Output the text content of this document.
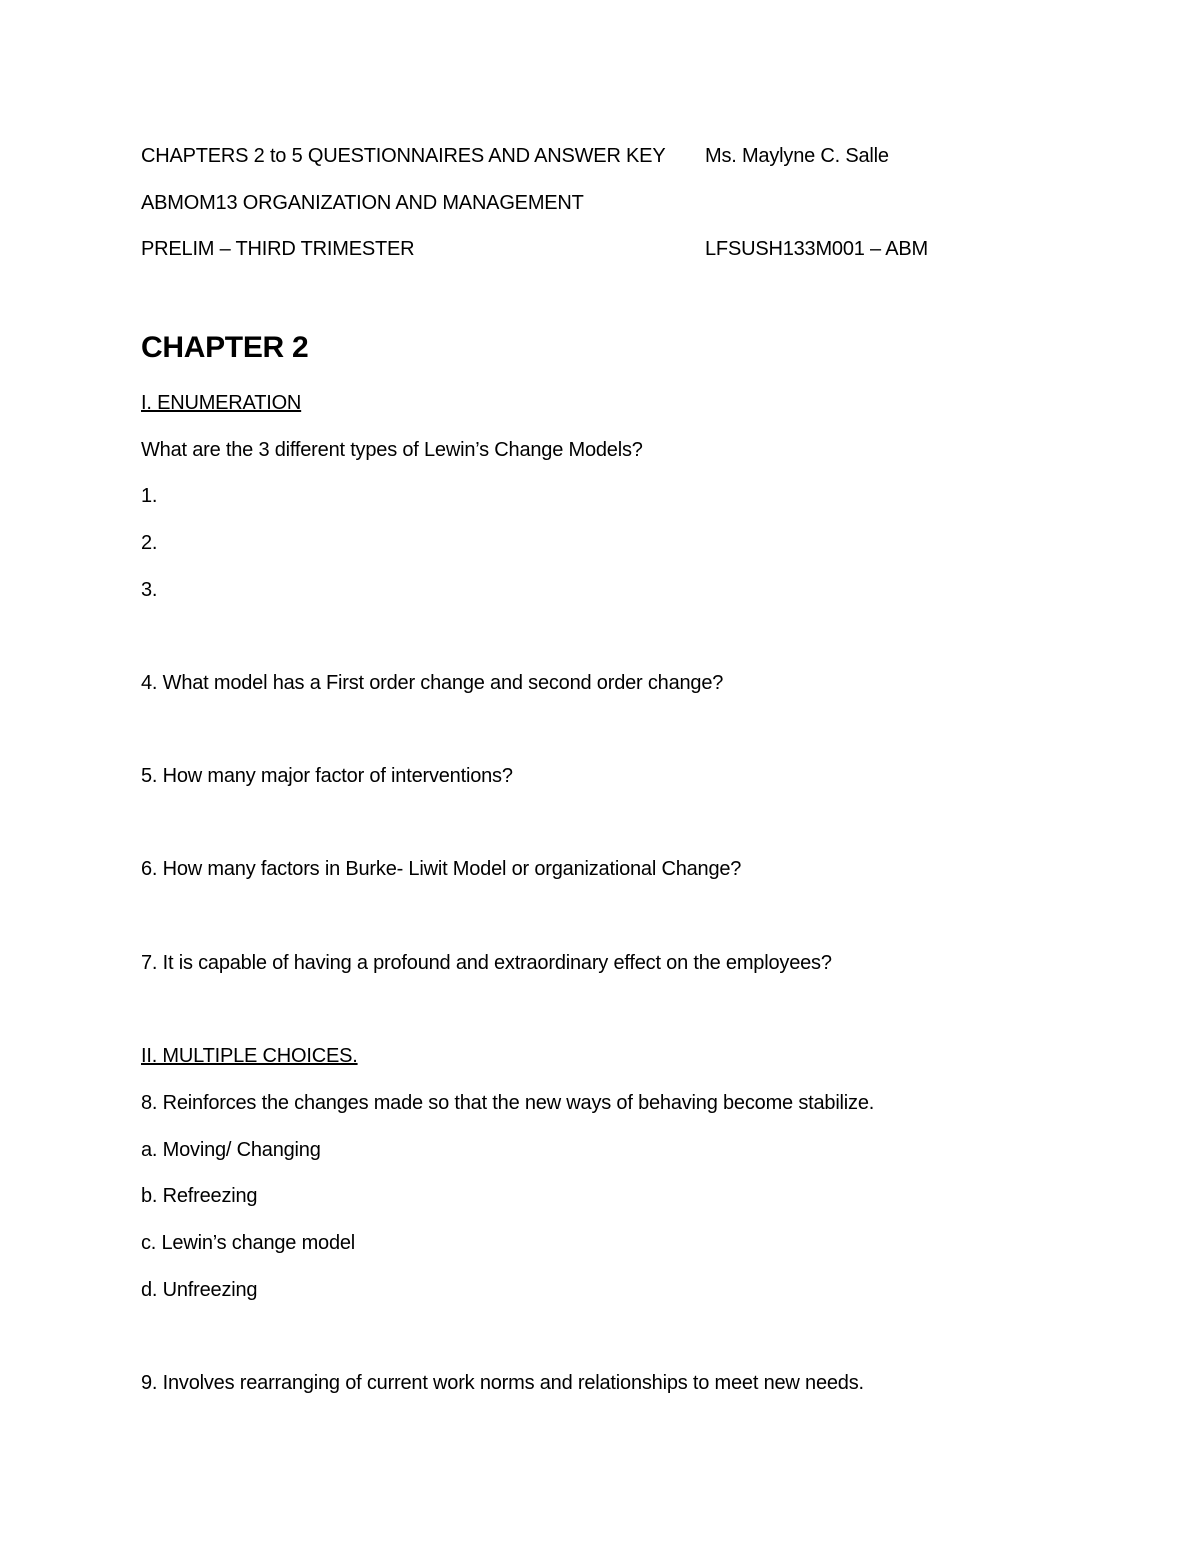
CHAPTERS 2 to 5 QUESTIONNAIRES AND ANSWER KEY Ms. Maylyne C. Salle
ABMOM13 ORGANIZATION AND MANAGEMENT
PRELIM – THIRD TRIMESTER	LFSUSH133M001 – ABM
CHAPTER 2
I. ENUMERATION
What are the 3 different types of Lewin’s Change Models?
1.
2.
3.
4. What model has a First order change and second order change?
5. How many major factor of interventions?
6. How many factors in Burke- Liwit Model or organizational Change?
7. It is capable of having a profound and extraordinary effect on the employees?
II. MULTIPLE CHOICES.
8. Reinforces the changes made so that the new ways of behaving become stabilize.
a. Moving/ Changing
b. Refreezing
c. Lewin’s change model
d. Unfreezing
9. Involves rearranging of current work norms and relationships to meet new needs.
